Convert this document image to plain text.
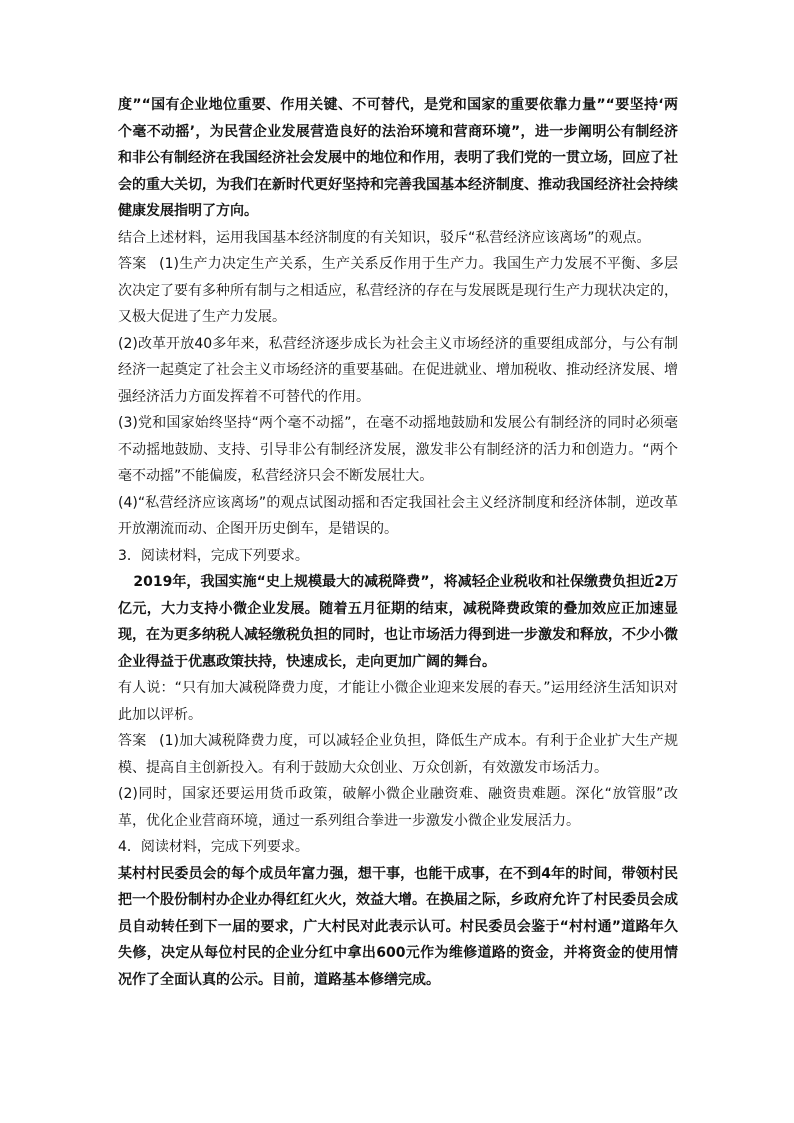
度”“国有企业地位重要、作用关键、不可替代，是党和国家的重要依靠力量”“要坚持‘两个毫不动摇’，为民营企业发展营造良好的法治环境和营商环境”，进一步阐明公有制经济和非公有制经济在我国经济社会发展中的地位和作用，表明了我们党的一贯立场，回应了社会的重大关切，为我们在新时代更好坚持和完善我国基本经济制度、推动我国经济社会持续健康发展指明了方向。

结合上述材料，运用我国基本经济制度的有关知识，驳斥“私营经济应该离场”的观点。

答案 (1)生产力决定生产关系，生产关系反作用于生产力。我国生产力发展不平衡、多层次决定了要有多种所有制与之相适应，私营经济的存在与发展既是现行生产力现状决定的，又极大促进了生产力发展。

(2)改革开放40多年来，私营经济逐步成长为社会主义市场经济的重要组成部分，与公有制经济一起奠定了社会主义市场经济的重要基础。在促进就业、增加税收、推动经济发展、增强经济活力方面发挥着不可替代的作用。

(3)党和国家始终坚持“两个毫不动摇”，在毫不动摇地鼓励和发展公有制经济的同时必须毫不动摇地鼓励、支持、引导非公有制经济发展，激发非公有制经济的活力和创造力。“两个毫不动摇”不能偏废，私营经济只会不断发展壮大。

(4)“私营经济应该离场”的观点试图动摇和否定我国社会主义经济制度和经济体制，逆改革开放潮流而动、企图开历史倒车，是错误的。

3．阅读材料，完成下列要求。

2019年，我国实施“史上规模最大的减税降费”，将减轻企业税收和社保缴费负担近2万亿元，大力支持小微企业发展。随着五月征期的结束，减税降费政策的叠加效应正加速显现，在为更多纳税人减轻缴税负担的同时，也让市场活力得到进一步激发和释放，不少小微企业得益于优惠政策扶持，快速成长，走向更加广阔的舞台。

有人说：“只有加大减税降费力度，才能让小微企业迎来发展的春天。”运用经济生活知识对此加以评析。

答案 (1)加大减税降费力度，可以减轻企业负担，降低生产成本。有利于企业扩大生产规模、提高自主创新投入。有利于鼓励大众创业、万众创新，有效激发市场活力。

(2)同时，国家还要运用货币政策，破解小微企业融资难、融资贵难题。深化“放管服”改革，优化企业营商环境，通过一系列组合拳进一步激发小微企业发展活力。

4．阅读材料，完成下列要求。

某村村民委员会的每个成员年富力强，想干事，也能干成事，在不到4年的时间，带领村民把一个股份制村办企业办得红红火火，效益大增。在换届之际，乡政府允许了村民委员会成员自动转任到下一届的要求，广大村民对此表示认可。村民委员会鉴于“村村通”道路年久失修，决定从每位村民的企业分红中拿出600元作为维修道路的资金，并将资金的使用情况作了全面认真的公示。目前，道路基本修缮完成。
